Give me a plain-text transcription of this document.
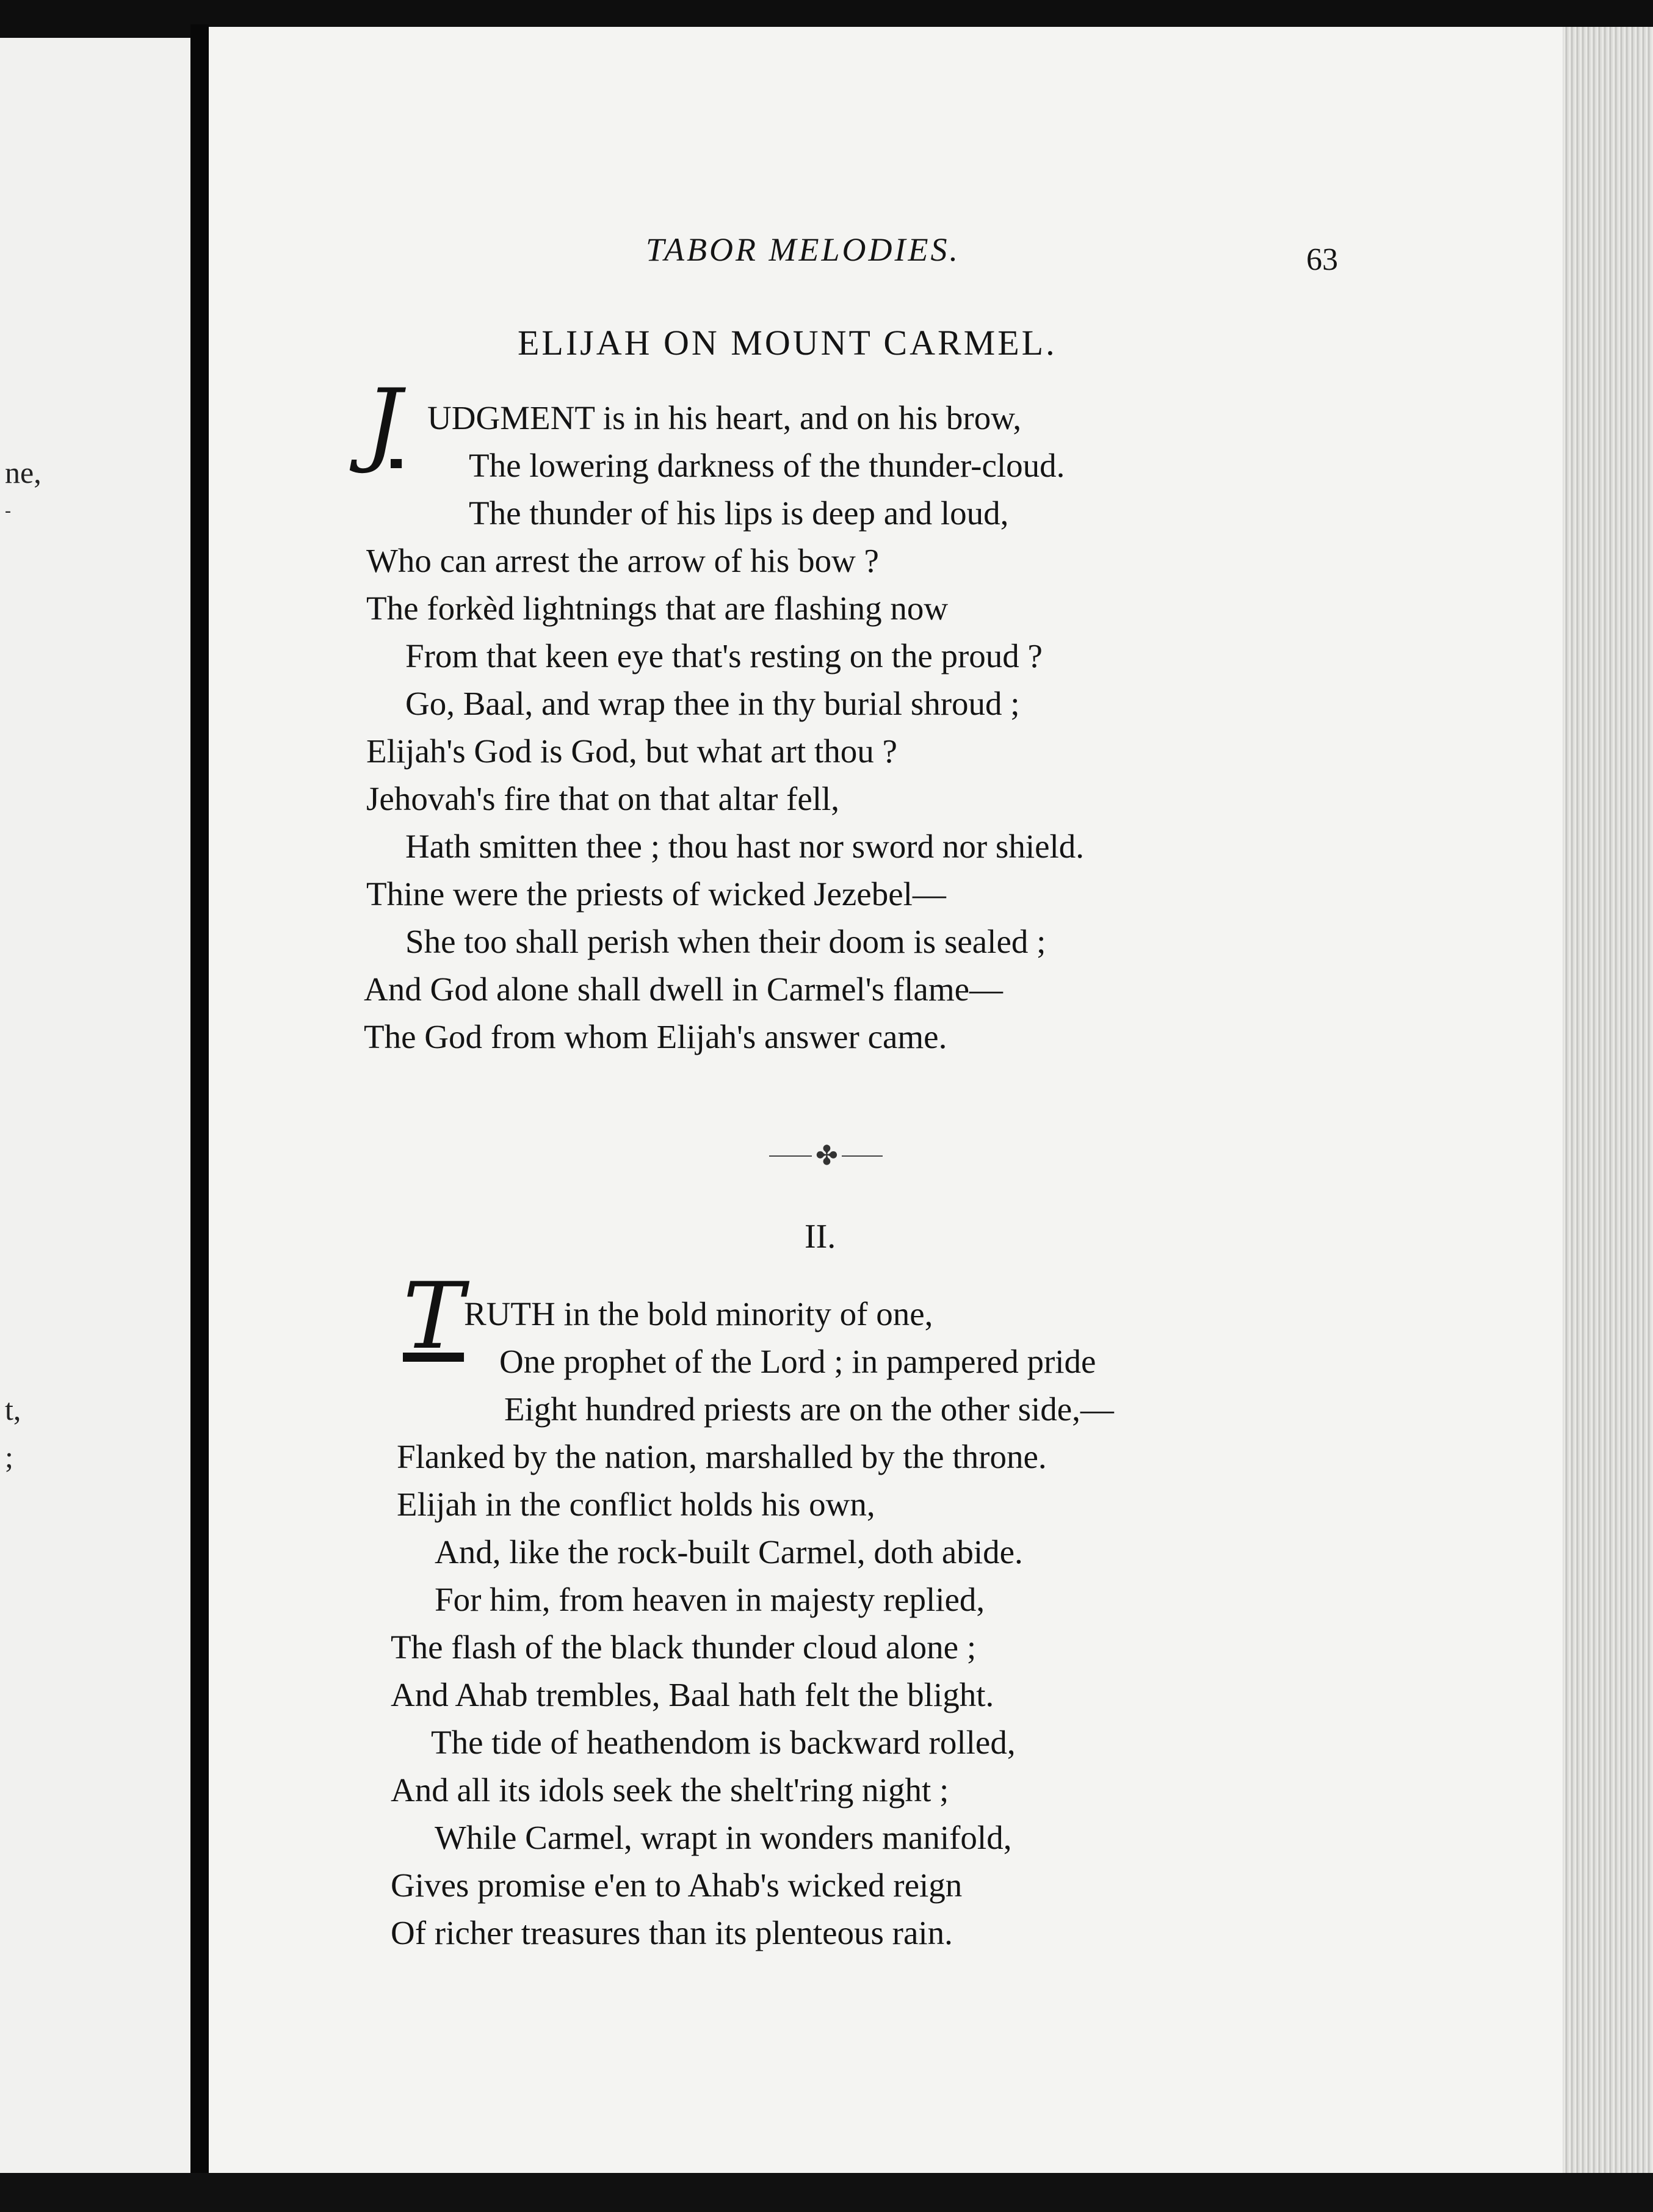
ne,
-
t,
;
TABOR MELODIES.	63
ELIJAH ON MOUNT CARMEL.
J UDGMENT is in his heart, and on his brow,
The lowering darkness of the thunder-cloud.
The thunder of his lips is deep and loud,
Who can arrest the arrow of his bow ?
The forkèd lightnings that are flashing now
From that keen eye that's resting on the proud ?
Go, Baal, and wrap thee in thy burial shroud ;
Elijah's God is God, but what art thou ?
Jehovah's fire that on that altar fell,
Hath smitten thee ; thou hast nor sword nor shield.
Thine were the priests of wicked Jezebel—
She too shall perish when their doom is sealed ;
And God alone shall dwell in Carmel's flame—
The God from whom Elijah's answer came.
✤
II.
T RUTH in the bold minority of one,
One prophet of the Lord ; in pampered pride
Eight hundred priests are on the other side,—
Flanked by the nation, marshalled by the throne.
Elijah in the conflict holds his own,
And, like the rock-built Carmel, doth abide.
For him, from heaven in majesty replied,
The flash of the black thunder cloud alone ;
And Ahab trembles, Baal hath felt the blight.
The tide of heathendom is backward rolled,
And all its idols seek the shelt'ring night ;
While Carmel, wrapt in wonders manifold,
Gives promise e'en to Ahab's wicked reign
Of richer treasures than its plenteous rain.
